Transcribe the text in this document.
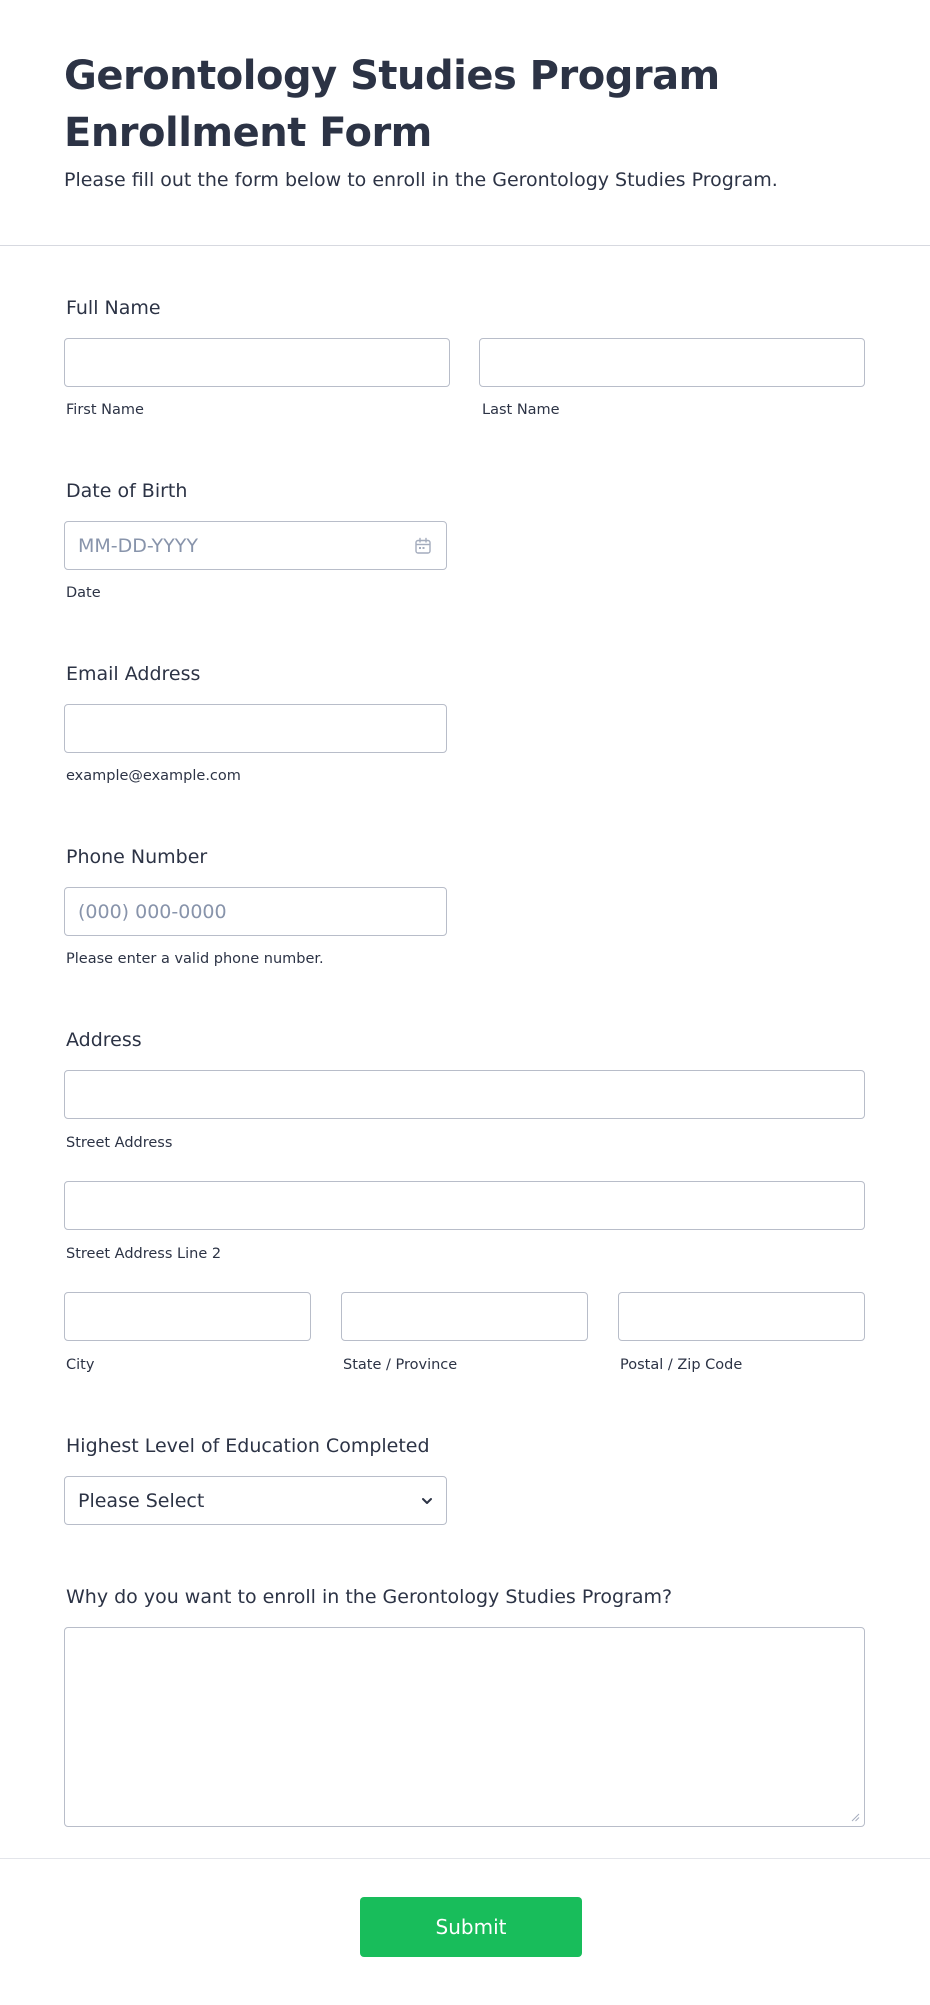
Gerontology Studies Program Enrollment Form
Please fill out the form below to enroll in the Gerontology Studies Program.
Full Name
First Name	Last Name
Date of Birth
MM-DD-YYYY
Date
Email Address
example@example.com
Phone Number
(000) 000-0000
Please enter a valid phone number.
Address
Street Address
Street Address Line 2
City	State / Province	Postal / Zip Code
Highest Level of Education Completed
Please Select
Why do you want to enroll in the Gerontology Studies Program?
Submit
